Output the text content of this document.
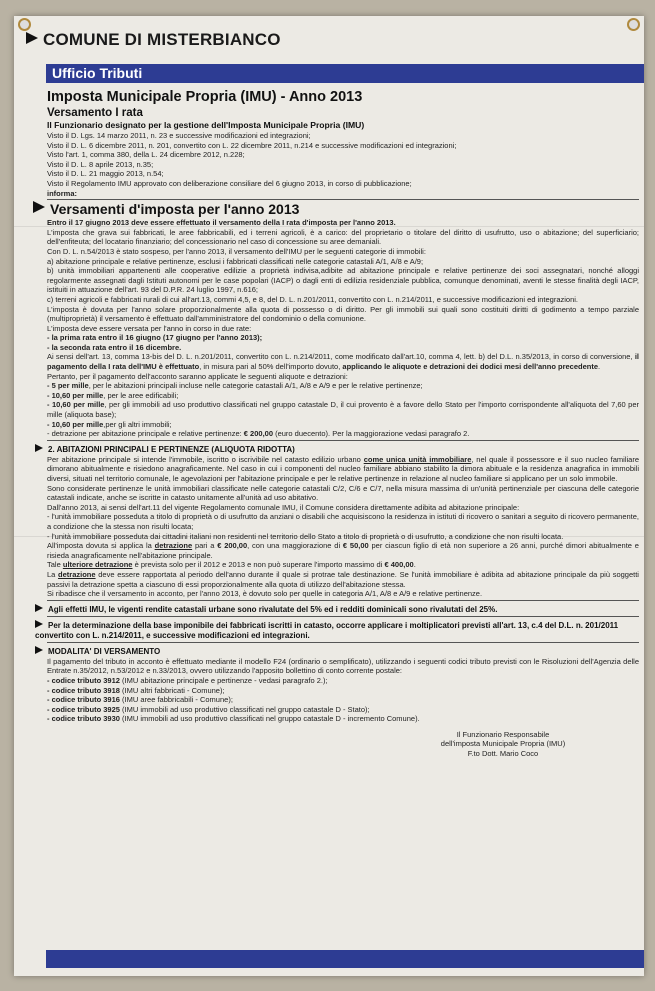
COMUNE DI MISTERBIANCO
Ufficio Tributi
Imposta Municipale Propria (IMU) - Anno 2013
Versamento I rata
Il Funzionario designato per la gestione dell'Imposta Municipale Propria (IMU)
Visto il D. Lgs. 14 marzo 2011, n. 23 e successive modificazioni ed integrazioni;
Visto il D. L. 6 dicembre 2011, n. 201, convertito con L. 22 dicembre 2011, n.214 e successive modificazioni ed integrazioni;
Visto l'art. 1, comma 380, della L. 24 dicembre 2012, n.228;
Visto il D. L. 8 aprile 2013, n.35;
Visto il D. L. 21 maggio 2013, n.54;
Visto il Regolamento IMU approvato con deliberazione consiliare del 6 giugno 2013, in corso di pubblicazione;
informa:
Versamenti d'imposta per l'anno 2013

Entro il 17 giugno 2013 deve essere effettuato il versamento della I rata d'imposta per l'anno 2013.

L'imposta che grava sui fabbricati, le aree fabbricabili, ed i terreni agricoli, è a carico: del proprietario o titolare del diritto di usufrutto, uso o abitazione; del superficiario; dell'enfiteuta; del locatario finanziario; del concessionario nel caso di concessione su aree demaniali.

Con D. L. n.54/2013 è stato sospeso, per l'anno 2013, il versamento dell'IMU per le seguenti categorie di immobili:

a) abitazione principale e relative pertinenze, esclusi i fabbricati classificati nelle categorie catastali A/1, A/8 e A/9;

b) unità immobiliari appartenenti alle cooperative edilizie a proprietà indivisa,adibite ad abitazione principale e relative pertinenze dei soci assegnatari, nonché alloggi regolarmente assegnati dagli Istituti autonomi per le case popolari (IACP) o dagli enti di edilizia residenziale pubblica, comunque denominati, aventi le stesse finalità degli IACP, istituiti in attuazione dell'art. 93 del D.P.R. 24 luglio 1997, n.616;

c) terreni agricoli e fabbricati rurali di cui all'art.13, commi 4,5, e 8, del D. L. n.201/2011, convertito con L. n.214/2011, e successive modificazioni ed integrazioni.

L'imposta è dovuta per l'anno solare proporzionalmente alla quota di possesso o di diritto. Per gli immobili sui quali sono costituiti diritti di godimento a tempo parziale (multiproprietà) il versamento è effettuato dall'amministratore del condominio o della comunione.

L'imposta deve essere versata per l'anno in corso in due rate:

- la prima rata entro il 16 giugno (17 giugno per l'anno 2013);

- la seconda rata entro il 16 dicembre.

Ai sensi dell'art. 13, comma 13-bis del D. L. n.201/2011, convertito con L. n.214/2011, come modificato dall'art.10, comma 4, lett. b) del D.L. n.35/2013, in corso di conversione, il pagamento della I rata dell'IMU è effettuato, in misura pari al 50% dell'importo dovuto, applicando le aliquote e detrazioni dei dodici mesi dell'anno precedente.

Pertanto, per il pagamento dell'acconto saranno applicate le seguenti aliquote e detrazioni:

- 5 per mille, per le abitazioni principali incluse nelle categorie catastali A/1, A/8 e A/9 e per le relative pertinenze;

- 10,60 per mille, per le aree edificabili;

- 10,60 per mille, per gli immobili ad uso produttivo classificati nel gruppo catastale D, il cui provento è a favore dello Stato per l'importo corrispondente all'aliquota del 7,60 per mille (aliquota base);

- 10,60 per mille,per gli altri immobili;

- detrazione per abitazione principale e relative pertinenze: € 200,00 (euro duecento). Per la maggiorazione vedasi paragrafo 2.

2. ABITAZIONI PRINCIPALI E PERTINENZE (ALIQUOTA RIDOTTA)

Per abitazione principale si intende l'immobile, iscritto o iscrivibile nel catasto edilizio urbano come unica unità immobiliare, nel quale il possessore e il suo nucleo familiare dimorano abitualmente e risiedono anagraficamente. Nel caso in cui i componenti del nucleo familiare abbiano stabilito la dimora abituale e la residenza anagrafica in immobili diversi, situati nel territorio comunale, le agevolazioni per l'abitazione principale e per le relative pertinenze in relazione al nucleo familiare si applicano per un solo immobile.

Sono considerate pertinenze le unità immobiliari classificate nelle categorie catastali C/2, C/6 e C/7, nella misura massima di un'unità pertinenziale per ciascuna delle categorie catastali indicate, anche se iscritte in catasto unitamente all'unità ad uso abitativo.

Dall'anno 2013, ai sensi dell'art.11 del vigente Regolamento comunale IMU, il Comune considera direttamente adibita ad abitazione principale:

- l'unità immobiliare posseduta a titolo di proprietà o di usufrutto da anziani o disabili che acquisiscono la residenza in istituti di ricovero o sanitari a seguito di ricovero permanente, a condizione che la stessa non risulti locata;

- l'unità immobiliare posseduta dai cittadini italiani non residenti nel territorio dello Stato a titolo di proprietà o di usufrutto, a condizione che non risulti locata.

All'imposta dovuta si applica la detrazione pari a € 200,00, con una maggiorazione di € 50,00 per ciascun figlio di età non superiore a 26 anni, purché dimori abitualmente e risieda anagraficamente nell'abitazione principale.

Tale ulteriore detrazione è prevista solo per il 2012 e 2013 e non può superare l'importo massimo di € 400,00.

La detrazione deve essere rapportata al periodo dell'anno durante il quale si protrae tale destinazione. Se l'unità immobiliare è adibita ad abitazione principale da più soggetti passivi la detrazione spetta a ciascuno di essi proporzionalmente alla quota di utilizzo dell'abitazione stessa.

Si ribadisce che il versamento in acconto, per l'anno 2013, è dovuto solo per quelle in categoria A/1, A/8 e A/9 e relative pertinenze.

Agli effetti IMU, le vigenti rendite catastali urbane sono rivalutate del 5% ed i redditi dominicali sono rivalutati del 25%.
Per la determinazione della base imponibile dei fabbricati iscritti in catasto, occorre applicare i moltiplicatori previsti all'art. 13, c.4 del D.L. n. 201/2011 convertito con L. n.214/2011, e successive modificazioni ed integrazioni.
MODALITA' DI VERSAMENTO

Il pagamento del tributo in acconto è effettuato mediante il modello F24 (ordinario o semplificato), utilizzando i seguenti codici tributo previsti con le Risoluzioni dell'Agenzia delle Entrate n.35/2012, n.53/2012 e n.33/2013, ovvero utilizzando l'apposito bollettino di conto corrente postale:

- codice tributo 3912 (IMU abitazione principale e pertinenze - vedasi paragrafo 2.);

- codice tributo 3918 (IMU altri fabbricati - Comune);

- codice tributo 3916 (IMU aree fabbricabili - Comune);

- codice tributo 3925 (IMU immobili ad uso produttivo classificati nel gruppo catastale D - Stato);

- codice tributo 3930 (IMU immobili ad uso produttivo classificati nel gruppo catastale D - incremento Comune).

Il Funzionario Responsabile
dell'imposta Municipale Propria (IMU)
F.to Dott. Mario Coco
